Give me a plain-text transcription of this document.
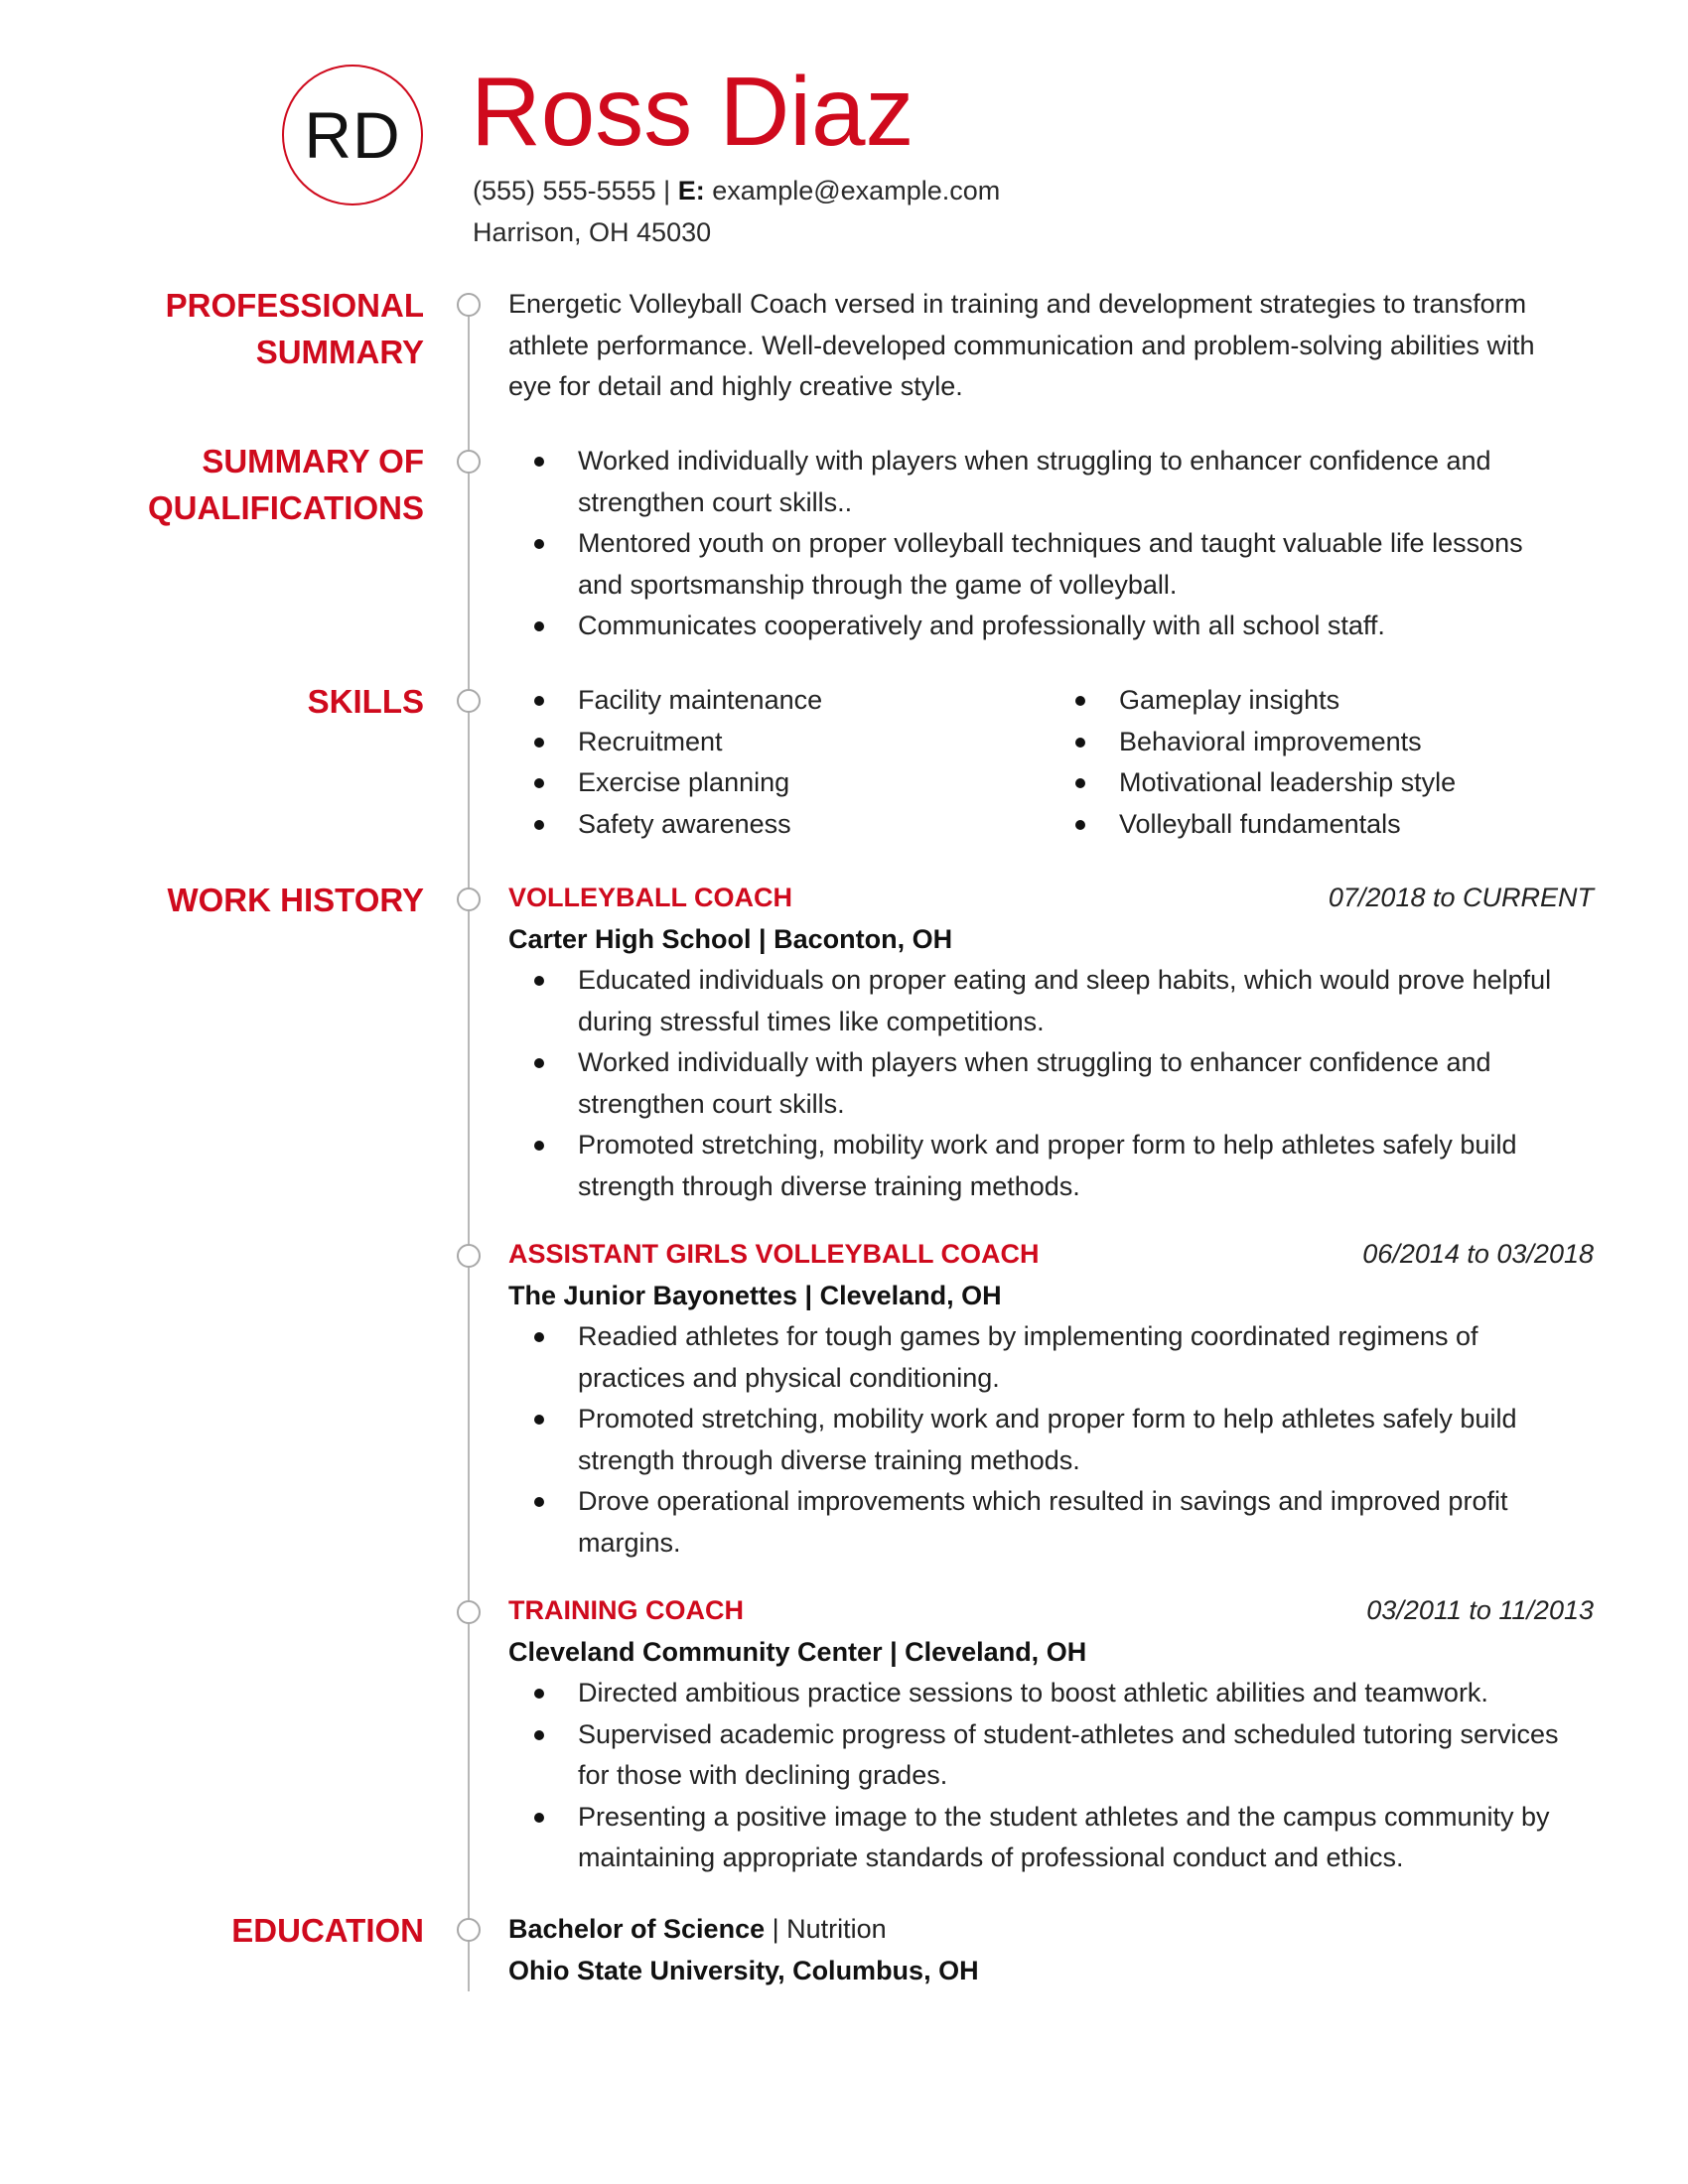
RD Ross Diaz
(555) 555-5555 | E: example@example.com
Harrison, OH 45030
PROFESSIONAL
SUMMARY
SUMMARY OF
QUALIFICATIONS
SKILLS
WORK HISTORY
EDUCATION
Energetic Volleyball Coach versed in training and development strategies to transform
athlete performance. Well-developed communication and problem-solving abilities with
eye for detail and highly creative style.
Worked individually with players when struggling to enhancer confidence and
strengthen court skills..
Mentored youth on proper volleyball techniques and taught valuable life lessons
and sportsmanship through the game of volleyball.
Communicates cooperatively and professionally with all school staff.
Facility maintenance
Recruitment
Exercise planning
Safety awareness
Gameplay insights
Behavioral improvements
Motivational leadership style
Volleyball fundamentals
VOLLEYBALL COACH	07/2018 to CURRENT
Carter High School | Baconton, OH
Educated individuals on proper eating and sleep habits, which would prove helpful
during stressful times like competitions.
Worked individually with players when struggling to enhancer confidence and
strengthen court skills.
Promoted stretching, mobility work and proper form to help athletes safely build
strength through diverse training methods.
ASSISTANT GIRLS VOLLEYBALL COACH	06/2014 to 03/2018
The Junior Bayonettes | Cleveland, OH
Readied athletes for tough games by implementing coordinated regimens of
practices and physical conditioning.
Promoted stretching, mobility work and proper form to help athletes safely build
strength through diverse training methods.
Drove operational improvements which resulted in savings and improved profit
margins.
TRAINING COACH	03/2011 to 11/2013
Cleveland Community Center | Cleveland, OH
Directed ambitious practice sessions to boost athletic abilities and teamwork.
Supervised academic progress of student-athletes and scheduled tutoring services
for those with declining grades.
Presenting a positive image to the student athletes and the campus community by
maintaining appropriate standards of professional conduct and ethics.
Bachelor of Science | Nutrition
Ohio State University, Columbus, OH
